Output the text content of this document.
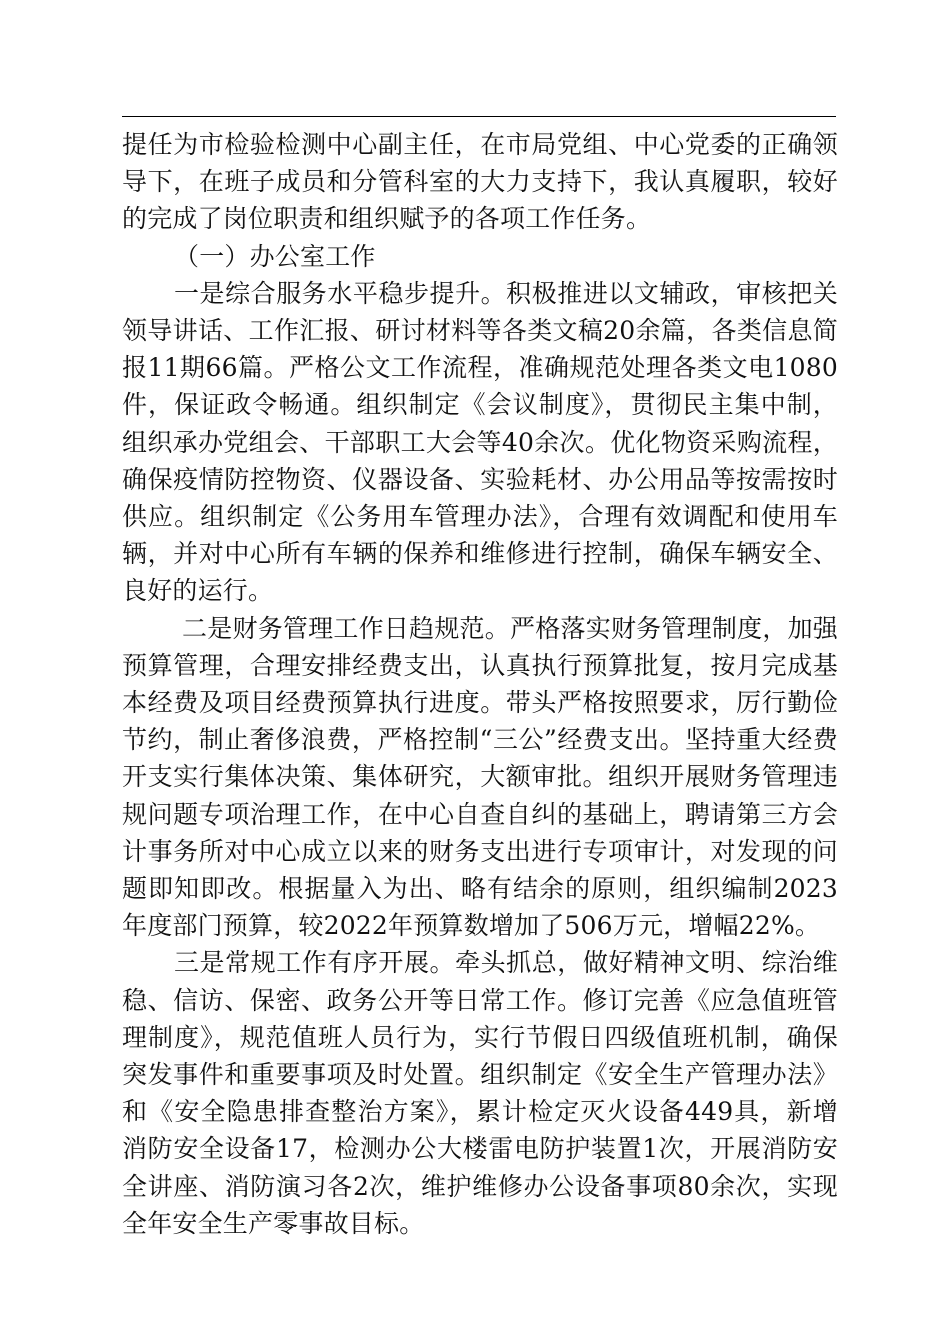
提任为市检验检测中心副主任，在市局党组、中心党委的正确领导下，在班子成员和分管科室的大力支持下，我认真履职，较好的完成了岗位职责和组织赋予的各项工作任务。

（一）办公室工作

一是综合服务水平稳步提升。积极推进以文辅政，审核把关领导讲话、工作汇报、研讨材料等各类文稿20余篇，各类信息简报11期66篇。严格公文工作流程，准确规范处理各类文电1080件，保证政令畅通。组织制定《会议制度》，贯彻民主集中制，组织承办党组会、干部职工大会等40余次。优化物资采购流程，确保疫情防控物资、仪器设备、实验耗材、办公用品等按需按时供应。组织制定《公务用车管理办法》，合理有效调配和使用车辆，并对中心所有车辆的保养和维修进行控制，确保车辆安全、良好的运行。

二是财务管理工作日趋规范。严格落实财务管理制度，加强预算管理，合理安排经费支出，认真执行预算批复，按月完成基本经费及项目经费预算执行进度。带头严格按照要求，厉行勤俭节约，制止奢侈浪费，严格控制“三公”经费支出。坚持重大经费开支实行集体决策、集体研究，大额审批。组织开展财务管理违规问题专项治理工作，在中心自查自纠的基础上，聘请第三方会计事务所对中心成立以来的财务支出进行专项审计，对发现的问题即知即改。根据量入为出、略有结余的原则，组织编制2023年度部门预算，较2022年预算数增加了506万元，增幅22%。

三是常规工作有序开展。牵头抓总，做好精神文明、综治维稳、信访、保密、政务公开等日常工作。修订完善《应急值班管理制度》，规范值班人员行为，实行节假日四级值班机制，确保突发事件和重要事项及时处置。组织制定《安全生产管理办法》和《安全隐患排查整治方案》，累计检定灭火设备449具，新增消防安全设备17，检测办公大楼雷电防护装置1次，开展消防安全讲座、消防演习各2次，维护维修办公设备事项80余次，实现全年安全生产零事故目标。
